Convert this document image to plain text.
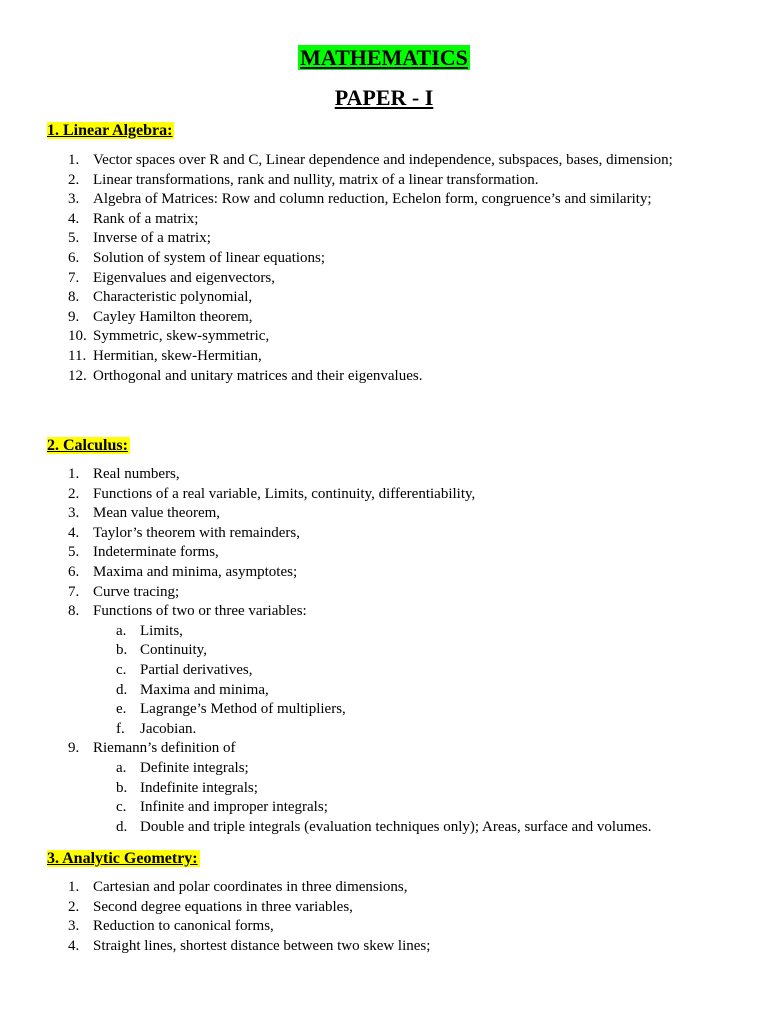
MATHEMATICS
PAPER - I
1. Linear Algebra:
1. Vector spaces over R and C, Linear dependence and independence, subspaces, bases, dimension;
2. Linear transformations, rank and nullity, matrix of a linear transformation.
3. Algebra of Matrices: Row and column reduction, Echelon form, congruence’s and similarity;
4. Rank of a matrix;
5. Inverse of a matrix;
6. Solution of system of linear equations;
7. Eigenvalues and eigenvectors,
8. Characteristic polynomial,
9. Cayley Hamilton theorem,
10. Symmetric, skew-symmetric,
11. Hermitian, skew-Hermitian,
12. Orthogonal and unitary matrices and their eigenvalues.
2. Calculus:
1. Real numbers,
2. Functions of a real variable, Limits, continuity, differentiability,
3. Mean value theorem,
4. Taylor’s theorem with remainders,
5. Indeterminate forms,
6. Maxima and minima, asymptotes;
7. Curve tracing;
8. Functions of two or three variables:
a. Limits,
b. Continuity,
c. Partial derivatives,
d. Maxima and minima,
e. Lagrange’s Method of multipliers,
f.	Jacobian.
9. Riemann’s definition of
a. Definite integrals;
b. Indefinite integrals;
c. Infinite and improper integrals;
d. Double and triple integrals (evaluation techniques only); Areas, surface and volumes.
3. Analytic Geometry:
1. Cartesian and polar coordinates in three dimensions,
2. Second degree equations in three variables,
3. Reduction to canonical forms,
4. Straight lines, shortest distance between two skew lines;
